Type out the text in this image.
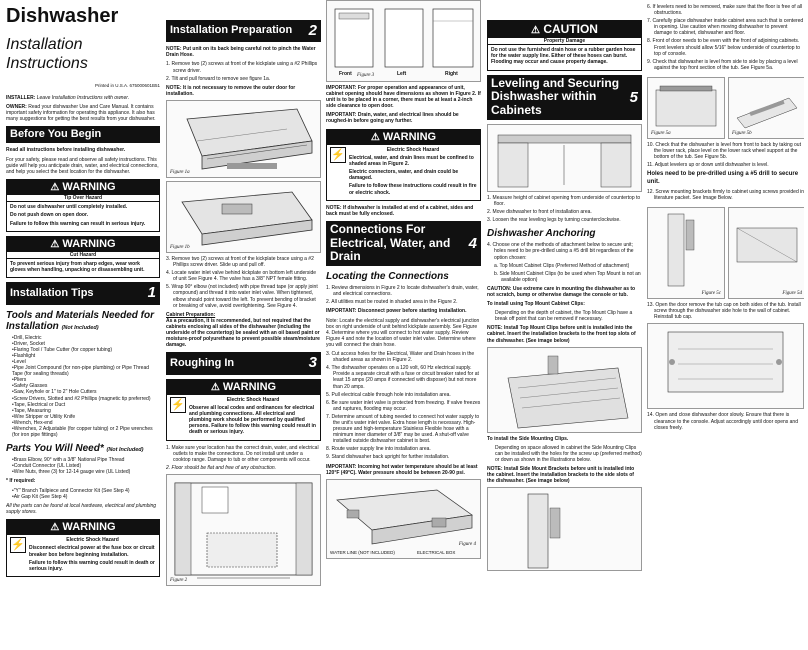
Dishwasher
Installation Instructions
Printed in U.S.A. 675000601B51

INSTALLER: Leave Installation Instructions with owner.

OWNER: Read your dishwasher Use and Care Manual. It contains important safety information for operating this appliance. It also has many suggestions for getting the best results from your dishwasher.

Before You Begin

Read all instructions before installing dishwasher.

For your safety, please read and observe all safety instructions. This guide will help you anticipate drain, water, and electrical connections, and help you select the best location for the dishwasher.

⚠ WARNING
Tip Over Hazard

Do not use dishwasher until completely installed.

Do not push down on open door.

Failure to follow this warning can result in serious injury.

⚠ WARNING
Cut Hazard

To prevent serious injury from sharp edges, wear work gloves when handling, unpacking or disassembling unit.

Installation Tips	1
Tools and Materials Needed for Installation (Not Included)
• Drill, Electric
• Driver, Socket
• Flaring Tool / Tube Cutter (for copper tubing)
• Flashlight
• Level
• Pipe Joint Compound (for non-pipe plumbing) or Pipe Thread Tape (for sealing threads)
• Pliers
• Safety Glasses
• Saw, Keyhole or 1" to 2" Hole Cutters
• Screw Drivers, Slotted and #2 Phillips (magnetic tip preferred)
• Tape, Electrical or Duct
• Tape, Measuring
• Wire Stripper or Utility Knife
• Wrench, Hex-end
• Wrenches, 2 Adjustable (for copper tubing) or 2 Pipe wrenches (for iron pipe fittings)
Parts You Will Need* (Not Included)
• Brass Elbow, 90° with a 3/8" National Pipe Thread
• Conduit Connector (UL Listed)
• Wire Nuts, three (3) for 12-14 gauge wire (UL Listed)

* If required:

• "Y" Branch Tailpiece and Connector Kit (See Step 4)
• Air Gap Kit (See Step 4)

All the parts can be found at local hardware, electrical and plumbing supply stores.

⚠ WARNING
⚡	Electric Shock Hazard

Disconnect electrical power at the fuse box or circuit breaker box before beginning installation.

Failure to follow this warning could result in death or serious injury.

Installation Preparation 2

NOTE: Put unit on its back being careful not to pinch the Water Drain Hose.

1. Remove two (2) screws at front of the kickplate using a #2 Phillips screw driver.
2. Tilt and pull forward to remove see figure 1a.

NOTE: It is not necessary to remove the outer door for installation.

Figure 1a
Figure 1b
3. Remove two (2) screws at front of the kickplate brace using a #2 Phillips screw driver. Slide up and pull off.
4. Locate water inlet valve behind kickplate on bottom left underside of unit See Figure 4. The valve has a 3/8" NPT female fitting.
5. Wrap 90° elbow (not included) with pipe thread tape (or apply joint compound) and thread it into water inlet valve. When tightened, elbow should point toward the left. To prevent bending of bracket or breaking of valve, avoid overtightening. See Figure 4.

Cabinet Preparation:

As a precaution, it is recommended, but not required that the cabinets enclosing all sides of the dishwasher (including the underside of the countertop) be sealed with an oil based paint or moisture-proof polyurethane to prevent possible steam/moisture damage.

Roughing In	3
⚠ WARNING
⚡	Electric Shock Hazard

Observe all local codes and ordinances for electrical and plumbing connections. All electrical and plumbing work should be performed by qualified persons. Failure to follow this warning could result in death or serious injury.

1. Make sure your location has the correct drain, water, and electrical outlets to make the connections. Do not install unit under a cooktop range. Damage to tub or other components will occur.
2. Floor should be flat and free of any obstruction.
Figure 2
Figure 3
Front	Left	Right

IMPORTANT: For proper operation and appearance of unit, cabinet opening should have dimensions as shown in Figure 2. If unit is to be placed in a corner, there must be at least a 2-inch side clearance to open door.

IMPORTANT: Drain, water, and electrical lines should be roughed-in before going any further.

⚠ WARNING
⚡	Electric Shock Hazard

Electrical, water, and drain lines must be confined to shaded areas in Figure 2.

Electric connectors, water, and drain could be damaged.

Failure to follow these instructions could result in fire or electric shock.

NOTE: If dishwasher is installed at end of a cabinet, sides and back must be fully enclosed.

Connections For Electrical, Water, and Drain
4
Locating the Connections
1. Review dimensions in Figure 2 to locate dishwasher's drain, water, and electrical connections.
2. All utilities must be routed in shaded area in the Figure 2.

IMPORTANT: Disconnect power before starting installation.

Note: Locate the electrical supply and dishwasher's electrical junction box on right underside of unit behind kickplate assembly. See Figure 4. Determine where you will connect to hot water supply. Review Figure 4 and note the location of water inlet valve. Determine where you will connect the drain hose.

3. Cut access holes for the Electrical, Water and Drain hoses in the shaded areas as shown in Figure 2.
4. The dishwasher operates on a 120 volt, 60 Hz electrical supply. Provide a separate circuit with a fuse or circuit breaker rated for at least 15 amps (20 amps if connected with disposer) but not more than 20 amps.
5. Pull electrical cable through hole into installation area.
6. Be sure water inlet valve is protected from freezing. If valve freezes and ruptures, flooding may occur.
7. Determine amount of tubing needed to connect hot water supply to the unit's water inlet valve. Extra hose length is necessary. High-pressure and high-temperature Stainless Flexible hose with a minimum inner diameter of 3/8" may be used. A shut-off valve installed outside dishwasher cabinet is best.
8. Route water supply line into installation area.
9. Stand dishwasher back upright for further installation.

IMPORTANT: Incoming hot water temperature should be at least 120°F (49°C). Water pressure should be between 20-90 psi.

Figure 4
WATER LINE (NOT INCLUDED)	ELECTRICAL BOX
⚠ CAUTION
Property Damage

Do not use the furnished drain hose or a rubber garden hose for the water supply line. Either of these hoses can burst. Flooding may occur and cause property damage.

Leveling and Securing Dishwasher within Cabinets
5
1. Measure height of cabinet opening from underside of countertop to floor.
2. Move dishwasher to front of installation area.
3. Loosen the rear leveling legs by turning counterclockwise.
Dishwasher Anchoring
4. Choose one of the methods of attachment below to secure unit; holes need to be pre-drilled using a #5 drill bit regardless of the option chosen:
a. Top Mount Cabinet Clips (Preferred Method of attachment)
b. Side Mount Cabinet Clips (to be used when Top Mount is not an available option)

CAUTION: Use extreme care in mounting the dishwasher as to not scratch, bump or otherwise damage the console or tub.

To install using Top Mount Cabinet Clips:

Depending on the depth of cabinet, the Top Mount Clip have a break off point that can be removed if necessary.

NOTE: Install Top Mount Clips before unit is installed into the cabinet. Insert the installation brackets to the front top slots of the dishwasher. (See image below)

To install the Side Mounting Clips.

Depending on space allowed in cabinet the Side Mounting Clips can be installed with the holes for the screw up (preferred method) or down as shown in the illustrations below.

NOTE: Install Side Mount Brackets before unit is installed into the cabinet. Insert the installation brackets to the side slots of the dishwasher. (See image below)

6. If levelers need to be removed, make sure that the floor is free of all obstructions.
7. Carefully place dishwasher inside cabinet area such that is centered in opening. Use caution when moving dishwasher to prevent damage to cabinet, dishwasher and floor.
8. Front of door needs to be even with the front of adjoining cabinets. Front levelers should allow 5/16" below underside of countertop to top of console.
9. Check that dishwasher is level from side to side by placing a level against the top front section of the tub. See Figure 5a.
Figure 5a	Figure 5b
10. Check that the dishwasher is level from front to back by taking out the lower rack, place level on the lower rack wheel support at the bottom of the tub. See Figure 5b.
11. Adjust levelers up or down until dishwasher is level.

Holes need to be pre-drilled using a #5 drill to secure unit.

12. Screw mounting brackets firmly to cabinet using screws provided in literature packet. See Image Below.
Figure 5c	Figure 5d
13. Open the door remove the tub cap on both sides of the tub. Install screw through the dishwasher side hole to the wall of cabinet. Reinstall tub cap.
14. Open and close dishwasher door slowly. Ensure that there is clearance to the console. Adjust accordingly until door opens and closes freely.
